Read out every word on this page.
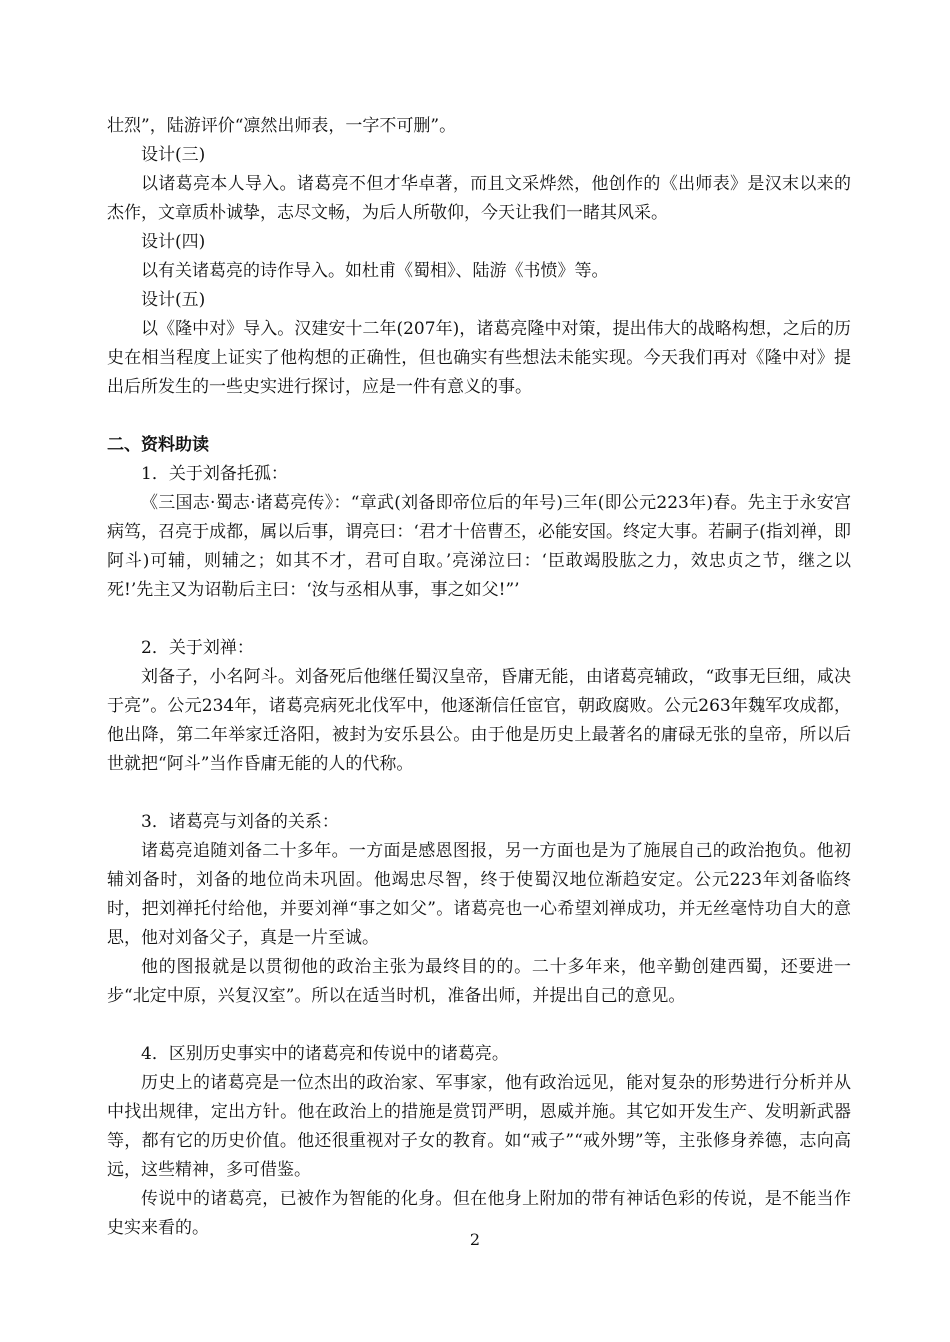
壮烈”，陆游评价“凛然出师表，一字不可删”。

设计(三)

以诸葛亮本人导入。诸葛亮不但才华卓著，而且文采烨然，他创作的《出师表》是汉末以来的杰作，文章质朴诚挚，志尽文畅，为后人所敬仰，今天让我们一睹其风采。

设计(四)

以有关诸葛亮的诗作导入。如杜甫《蜀相》、陆游《书愤》等。

设计(五)

以《隆中对》导入。汉建安十二年(207年)，诸葛亮隆中对策，提出伟大的战略构想，之后的历史在相当程度上证实了他构想的正确性，但也确实有些想法未能实现。今天我们再对《隆中对》提出后所发生的一些史实进行探讨，应是一件有意义的事。

二、资料助读

1．关于刘备托孤：

《三国志·蜀志·诸葛亮传》：“章武(刘备即帝位后的年号)三年(即公元223年)春。先主于永安宫病笃，召亮于成都，属以后事，谓亮曰：‘君才十倍曹丕，必能安国。终定大事。若嗣子(指刘禅，即阿斗)可辅，则辅之；如其不才，君可自取。’亮涕泣曰：‘臣敢竭股肱之力，效忠贞之节，继之以死!’先主又为诏勒后主曰：‘汝与丞相从事，事之如父!”’

2．关于刘禅：

刘备子，小名阿斗。刘备死后他继任蜀汉皇帝，昏庸无能，由诸葛亮辅政，“政事无巨细，咸决于亮”。公元234年，诸葛亮病死北伐军中，他逐渐信任宦官，朝政腐败。公元263年魏军攻成都，他出降，第二年举家迁洛阳，被封为安乐县公。由于他是历史上最著名的庸碌无张的皇帝，所以后世就把“阿斗”当作昏庸无能的人的代称。

3．诸葛亮与刘备的关系：

诸葛亮追随刘备二十多年。一方面是感恩图报，另一方面也是为了施展自己的政治抱负。他初辅刘备时，刘备的地位尚未巩固。他竭忠尽智，终于使蜀汉地位渐趋安定。公元223年刘备临终时，把刘禅托付给他，并要刘禅“事之如父”。诸葛亮也一心希望刘禅成功，并无丝毫恃功自大的意思，他对刘备父子，真是一片至诚。

他的图报就是以贯彻他的政治主张为最终目的的。二十多年来，他辛勤创建西蜀，还要进一步“北定中原，兴复汉室”。所以在适当时机，准备出师，并提出自己的意见。

4．区别历史事实中的诸葛亮和传说中的诸葛亮。

历史上的诸葛亮是一位杰出的政治家、军事家，他有政治远见，能对复杂的形势进行分析并从中找出规律，定出方针。他在政治上的措施是赏罚严明，恩威并施。其它如开发生产、发明新武器等，都有它的历史价值。他还很重视对子女的教育。如“戒子”“戒外甥”等，主张修身养德，志向高远，这些精神，多可借鉴。

传说中的诸葛亮，已被作为智能的化身。但在他身上附加的带有神话色彩的传说，是不能当作史实来看的。

2
